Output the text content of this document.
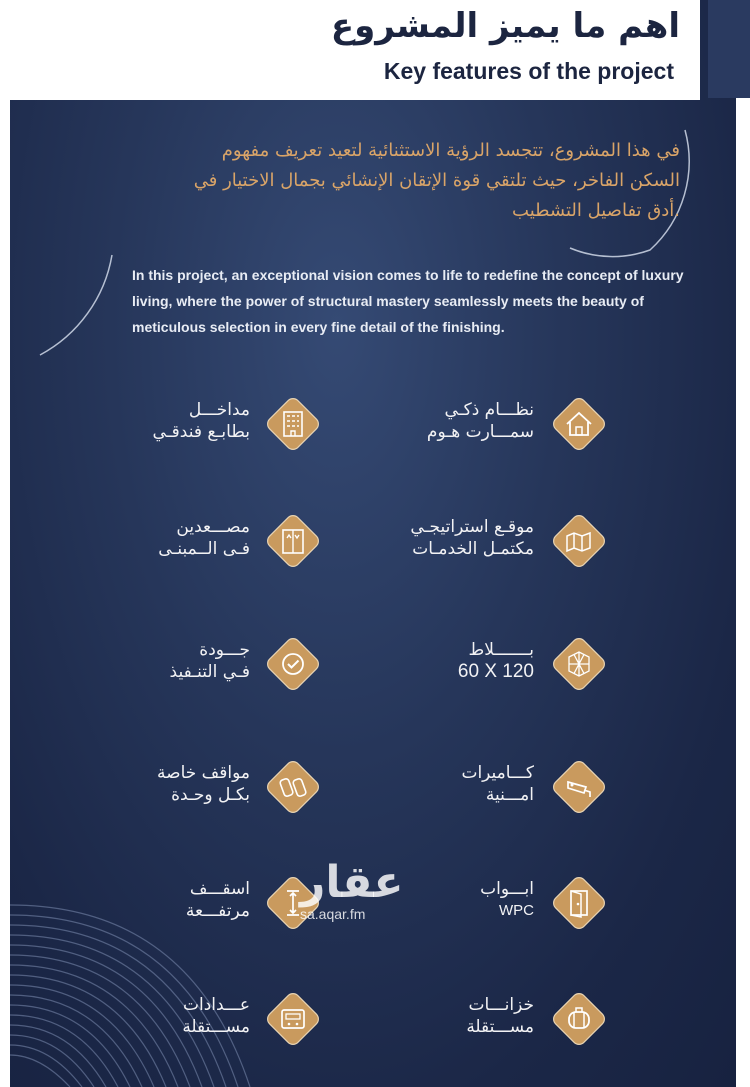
اهم ما يميز المشروع
Key features of the project

في هذا المشروع، تتجسد الرؤية الاستثنائية لتعيد تعريف مفهوم
السكن الفاخر، حيث تلتقي قوة الإتقان الإنشائي بجمال الاختيار في
.أدق تفاصيل التشطيب

In this project, an exceptional vision comes to life to redefine the concept of luxury living, where the power of structural mastery seamlessly meets the beauty of meticulous selection in every fine detail of the finishing.

نظـــام ذكـي
سمـــارت هـوم
مداخـــل
بطابـع فندقـي
موقـع استراتيجـي
مكتمـل الخدمـات
مصـــعدين
فـى الــمبنـى
بـــــــلاط
60 X 120
جـــودة
فـي التنـفيذ
كـــاميرات
امـــنية
مواقف خاصة
بكـل وحـدة
ابـــواب
WPC
اسقـــف
مرتفـــعة
خزانـــات
مســـتقلة
عـــدادات
مســـتقلة
عقار
sa.aqar.fm
